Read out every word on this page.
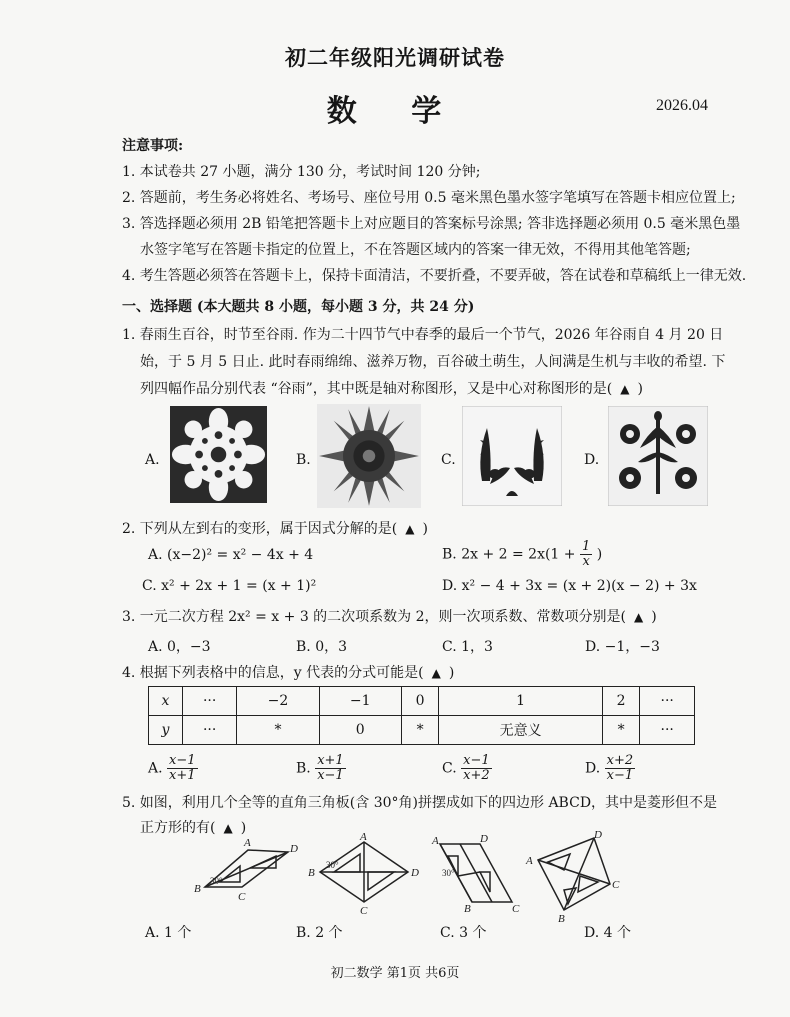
初二年级阳光调研试卷
数 学	2026.04
注意事项:
1. 本试卷共 27 小题，满分 130 分，考试时间 120 分钟;
2. 答题前，考生务必将姓名、考场号、座位号用 0.5 毫米黑色墨水签字笔填写在答题卡相应位置上;
3. 答选择题必须用 2B 铅笔把答题卡上对应题目的答案标号涂黑; 答非选择题必须用 0.5 毫米黑色墨
水签字笔写在答题卡指定的位置上，不在答题区域内的答案一律无效，不得用其他笔答题;
4. 考生答题必须答在答题卡上，保持卡面清洁，不要折叠，不要弄破，答在试卷和草稿纸上一律无效.
一、选择题 (本大题共 8 小题，每小题 3 分，共 24 分)
1. 春雨生百谷，时节至谷雨. 作为二十四节气中春季的最后一个节气，2026 年谷雨自 4 月 20 日
始，于 5 月 5 日止. 此时春雨绵绵、滋养万物，百谷破土萌生，人间满是生机与丰收的希望. 下
列四幅作品分别代表 “谷雨”，其中既是轴对称图形，又是中心对称图形的是( ▲ )
A.	B.	C.	D.
2. 下列从左到右的变形，属于因式分解的是( ▲ )
A. (x−2)² = x² − 4x + 4	B. $2x + 2 = 2x(1 + \frac{1}{x}$ )
C. x² + 2x + 1 = (x + 1)²	D. x² − 4 + 3x = (x + 2)(x − 2) + 3x
3. 一元二次方程 2x² = x + 3 的二次项系数为 2，则一次项系数、常数项分别是( ▲ )
A. 0，−3	B. 0，3	C. 1，3	D. −1，−3
4. 根据下列表格中的信息，y 代表的分式可能是( ▲ )
x	···	−2	−1	0	1	2	···
y	···	*	0	*	无意义	*	···
A. $\frac{x-1}{x+1}$	B. $\frac{x+1}{x-1}$	C. $\frac{x-1}{x+2}$	D. $\frac{x+2}{x-1}$
5. 如图，利用几个全等的直角三角板(含 30°角)拼摆成如下的四边形 ABCD，其中是菱形但不是
正方形的有( ▲ )
A
B
C
D
30°
A
B
C
D
30°
A
B	C
D
30°
A
B
C
D
A. 1 个	B. 2 个	C. 3 个	D. 4 个
初二数学 第1页 共6页
